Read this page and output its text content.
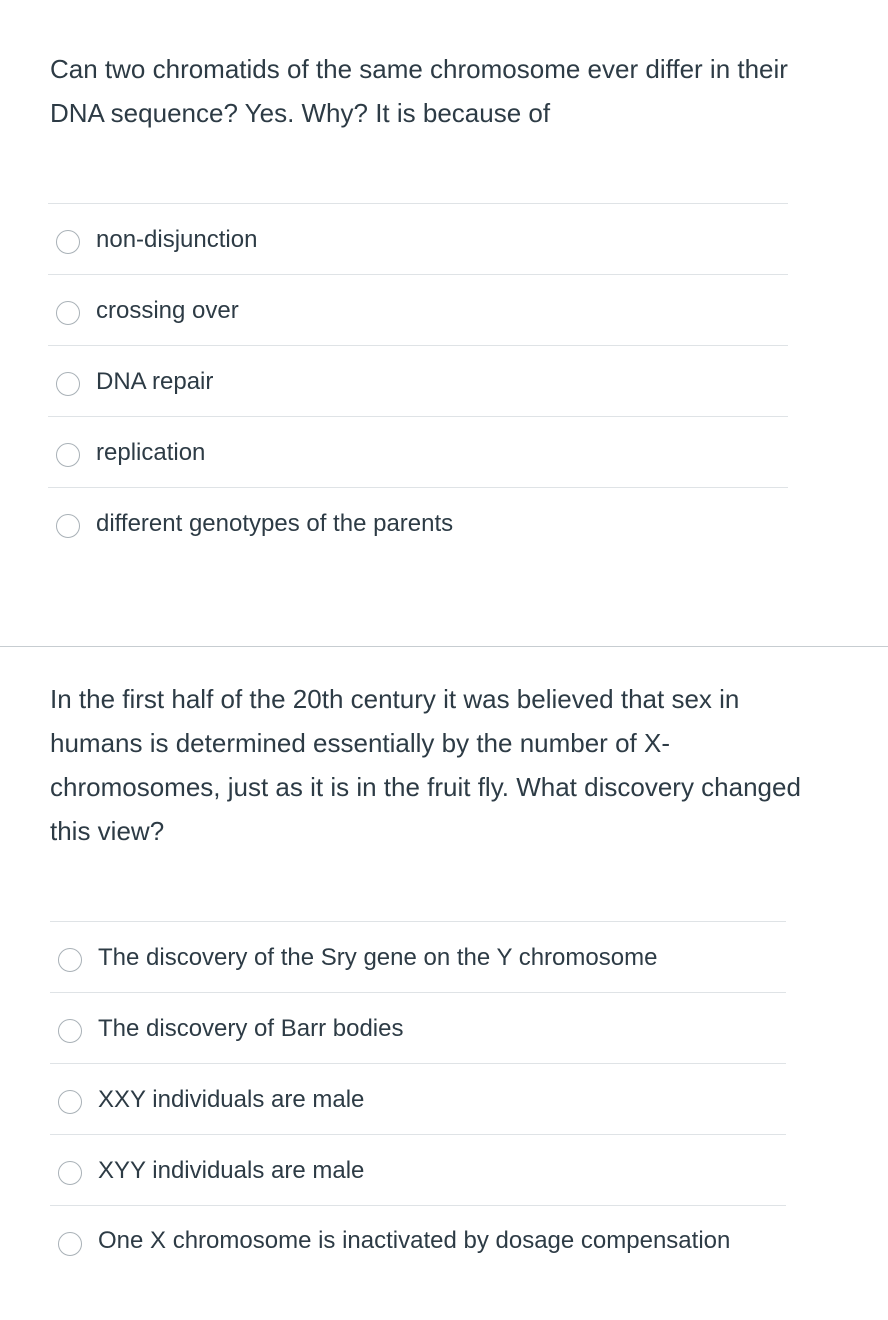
Can two chromatids of the same chromosome ever differ in their DNA sequence? Yes. Why? It is because of

non-disjunction
crossing over
DNA repair
replication
different genotypes of the parents

In the first half of the 20th century it was believed that sex in humans is determined essentially by the number of X-chromosomes, just as it is in the fruit fly. What discovery changed this view?

The discovery of the Sry gene on the Y chromosome
The discovery of Barr bodies
XXY individuals are male
XYY individuals are male
One X chromosome is inactivated by dosage compensation
